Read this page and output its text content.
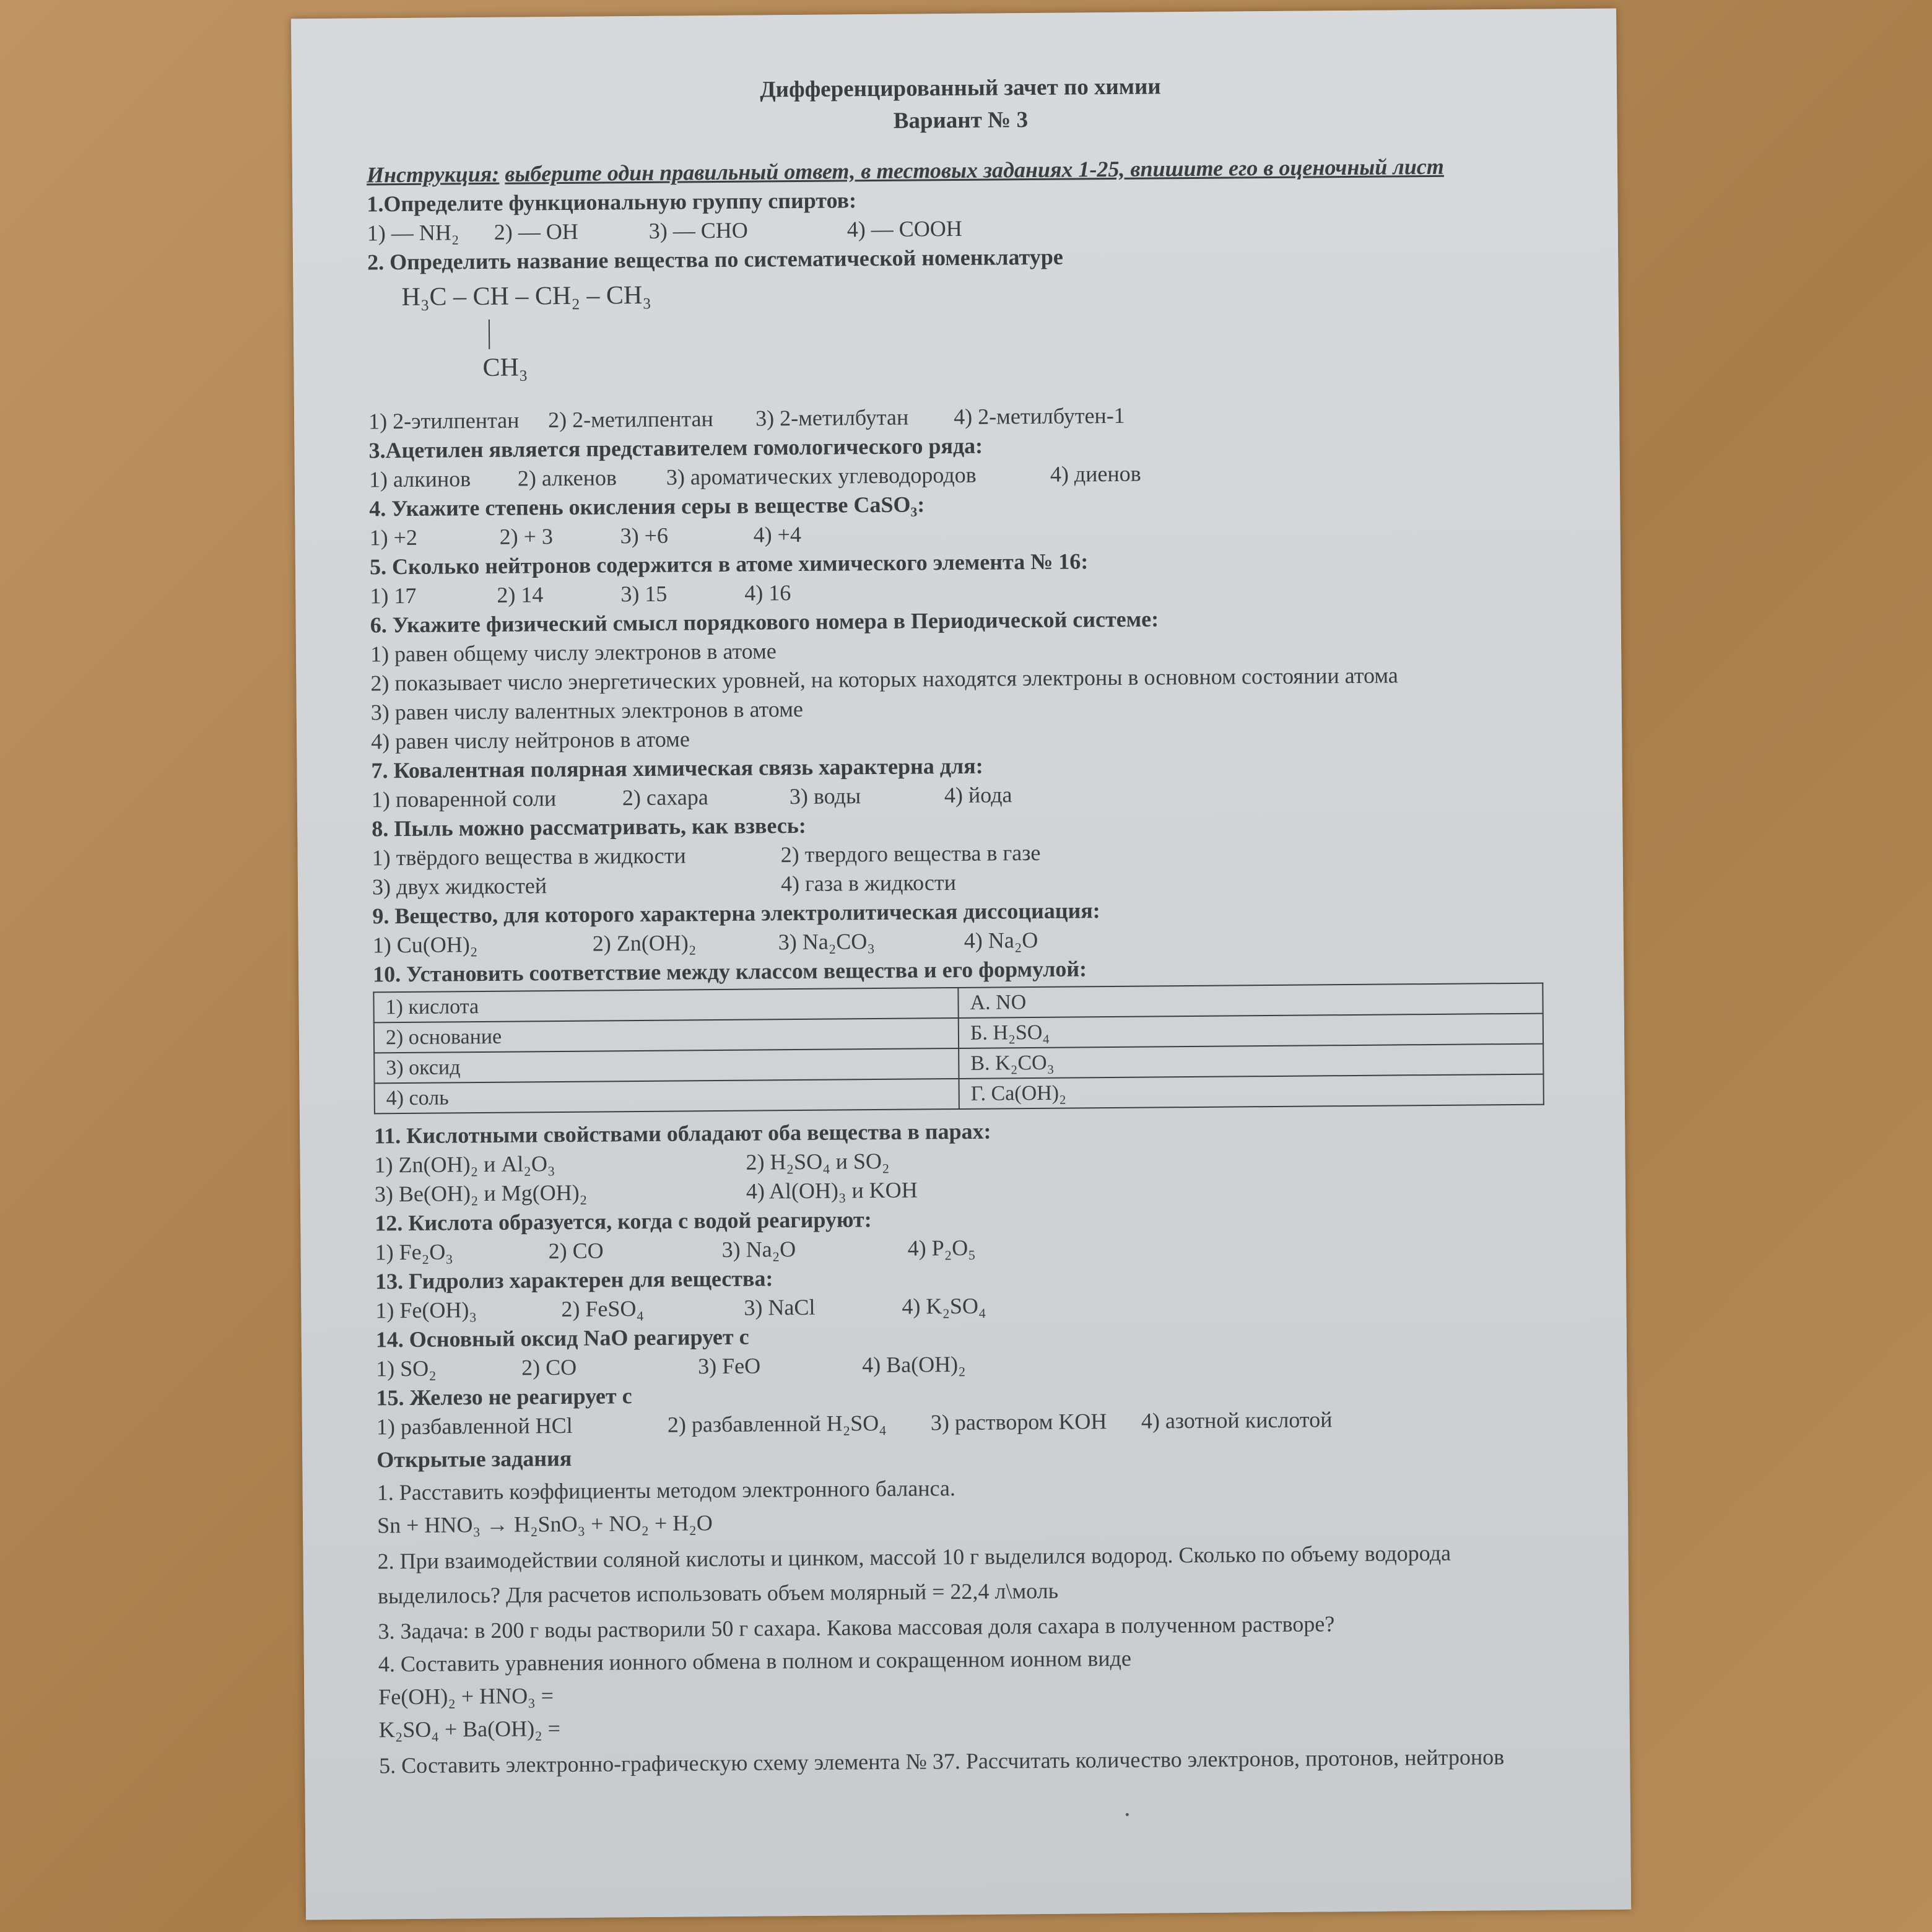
Дифференцированный зачет по химии
Вариант № 3
Инструкция: выберите один правильный ответ, в тестовых заданиях 1-25, впишите его в оценочный лист
1.Определите функциональную группу спиртов:
1) — NH₂	2) — OH	3) — CHO	4) — COOH
2. Определить название вещества по систематической номенклатуре
H₃C – CH – CH₂ – CH₃
CH₃
1) 2-этилпентан	2) 2-метилпентан	3) 2-метилбутан	4) 2-метилбутен-1
3.Ацетилен является представителем гомологического ряда:
1) алкинов	2) алкенов	3) ароматических углеводородов	4) диенов
4. Укажите степень окисления серы в веществе CaSO₃:
1) +2	2) + 3	3) +6	4) +4
5. Сколько нейтронов содержится в атоме химического элемента № 16:
1) 17	2) 14	3) 15	4) 16
6. Укажите физический смысл порядкового номера в Периодической системе:
1) равен общему числу электронов в атоме
2) показывает число энергетических уровней, на которых находятся электроны в основном состоянии атома
3) равен числу валентных электронов в атоме
4) равен числу нейтронов в атоме
7. Ковалентная полярная химическая связь характерна для:
1) поваренной соли	2) сахара	3) воды	4) йода
8. Пыль можно рассматривать, как взвесь:
1) твёрдого вещества в жидкости	2) твердого вещества в газе
3) двух жидкостей	4) газа в жидкости
9. Вещество, для которого характерна электролитическая диссоциация:
1) Cu(OH)₂	2) Zn(OH)₂	3) Na₂CO₃	4) Na₂O
10. Установить соответствие между классом вещества и его формулой:
1) кислота	А. NO
2) основание	Б. H₂SO₄
3) оксид	В. K₂CO₃
4) соль	Г. Ca(OH)₂
11. Кислотными свойствами обладают оба вещества в парах:
1) Zn(OH)₂ и Al₂O₃	2) H₂SO₄ и SO₂
3) Be(OH)₂ и Mg(OH)₂	4) Al(OH)₃ и KOH
12. Кислота образуется, когда с водой реагируют:
1) Fe₂O₃	2) CO	3) Na₂O	4) P₂O₅
13. Гидролиз характерен для вещества:
1) Fe(OH)₃	2) FeSO₄	3) NaCl	4) K₂SO₄
14. Основный оксид NaO реагирует с
1) SO₂	2) CO	3) FeO	4) Ba(OH)₂
15. Железо не реагирует с
1) разбавленной HCl	2) разбавленной H₂SO₄	3) раствором KOH	4) азотной кислотой
Открытые задания
1. Расставить коэффициенты методом электронного баланса.
Sn + HNO₃ → H₂SnO₃ + NO₂ + H₂O
2. При взаимодействии соляной кислоты и цинком, массой 10 г выделился водород. Сколько по объему водорода выделилось? Для расчетов использовать объем молярный = 22,4 л\моль
3. Задача: в 200 г воды растворили 50 г сахара. Какова массовая доля сахара в полученном растворе?
4. Составить уравнения ионного обмена в полном и сокращенном ионном виде
Fe(OH)₂ + HNO₃ =
K₂SO₄ + Ba(OH)₂ =
5. Составить электронно-графическую схему элемента № 37. Рассчитать количество электронов, протонов, нейтронов
